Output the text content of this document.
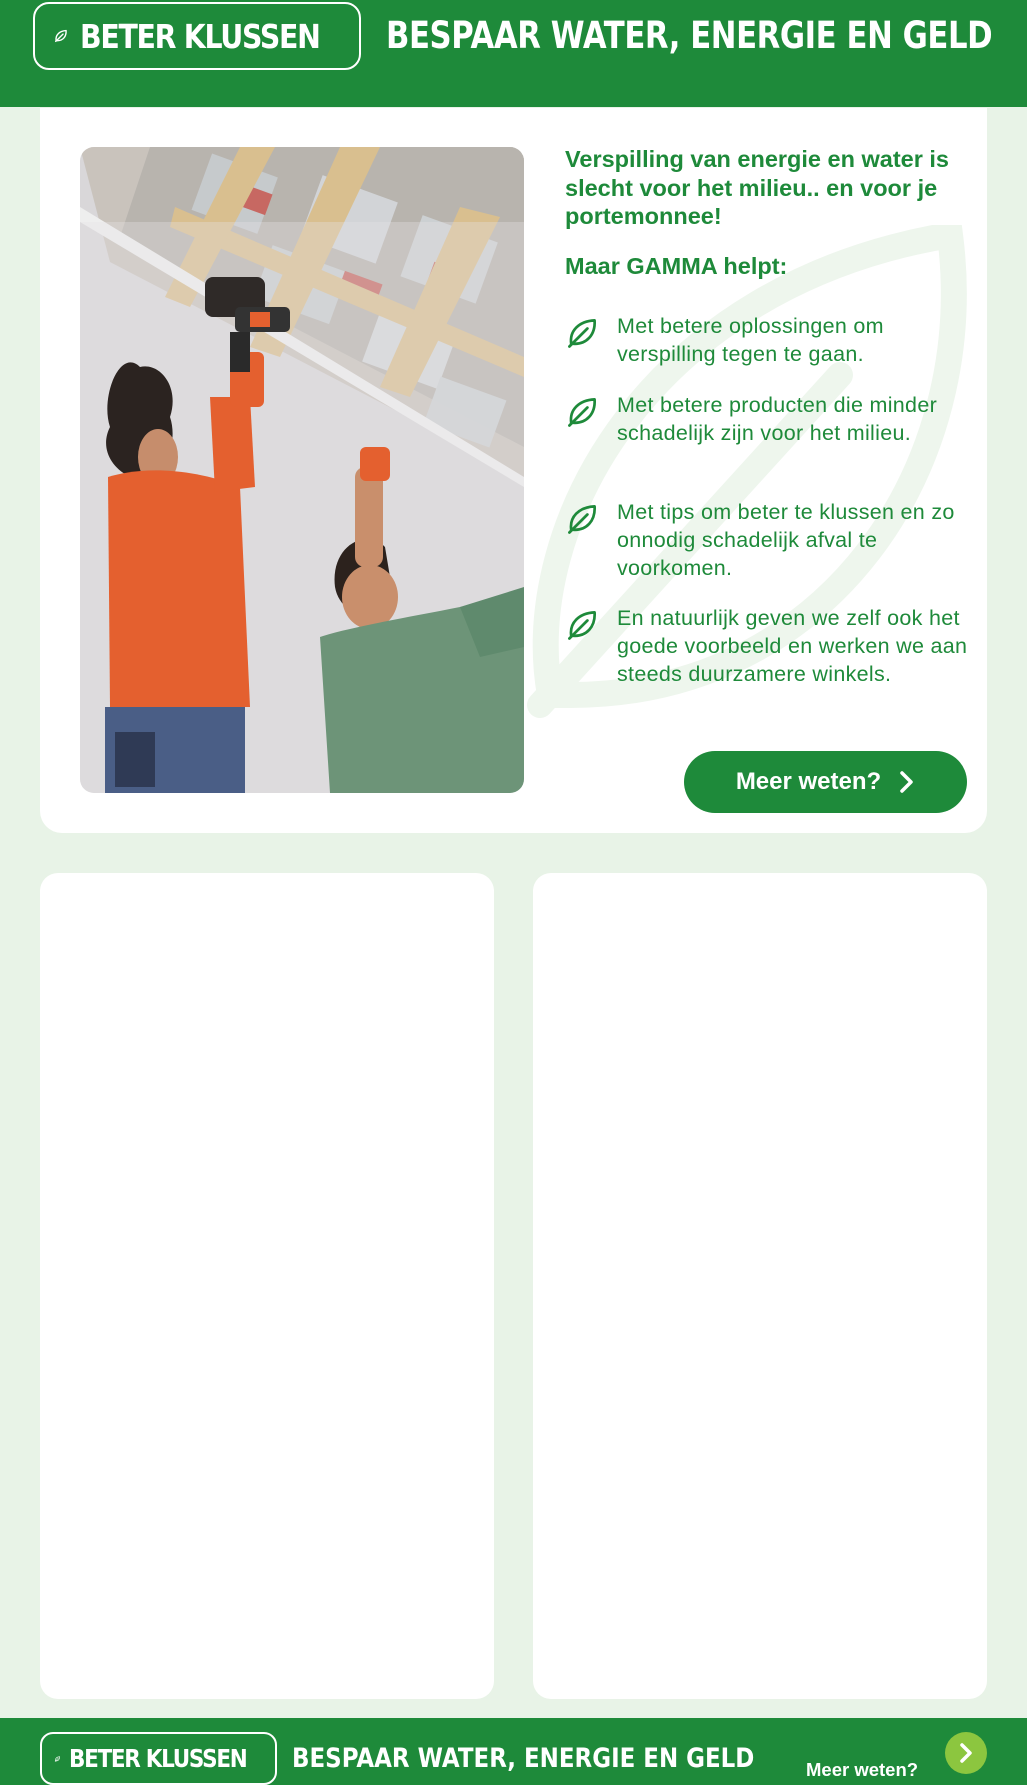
BETER KLUSSEN BESPAAR WATER, ENERGIE EN GELD
Verspilling van energie en water is slecht voor het milieu.. en voor je portemonnee!
Maar GAMMA helpt:
Met betere oplossingen om verspilling tegen te gaan.
Met betere producten die minder schadelijk zijn voor het milieu.
Met tips om beter te klussen en zo onnodig schadelijk afval te voorkomen.
En natuurlijk geven we zelf ook het goede voorbeeld en werken we aan steeds duurzamere winkels.
Meer weten?
BETER KLUSSEN BESPAAR WATER, ENERGIE EN GELD	Meer weten?
